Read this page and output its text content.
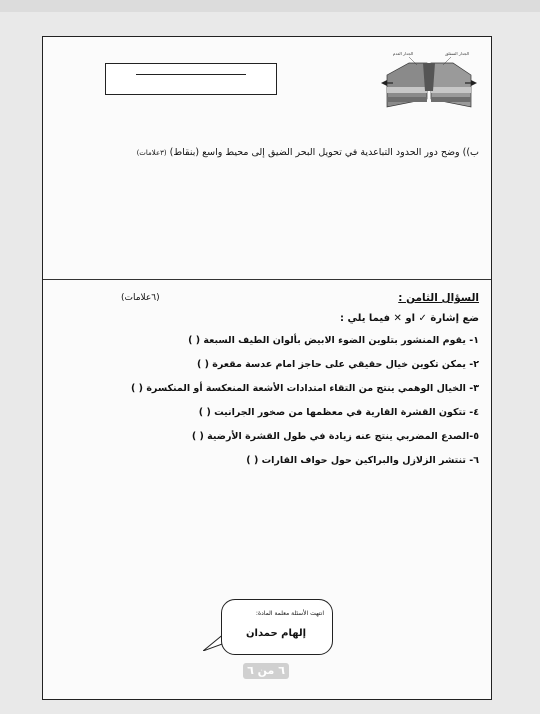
الجدار العدم	الجدار المنفلق
ب)) وضح دور الحدود التباعدية في تحويل البحر الضيق إلى محيط واسع (بنقاط) (٣علامات)
السؤال الثامن :
(٦علامات)
ضع إشارة ✓ او ✕ فيما يلي :
١- يقوم المنشور بتلوين الضوء الابيض بألوان الطيف السبعة ( )
٢- يمكن تكوين خيال حقيقي على حاجز امام عدسة مقعرة ( )
٣- الخيال الوهمي ينتج من التقاء امتدادات الأشعة المنعكسة أو المنكسرة ( )
٤- تتكون القشرة القارية في معظمها من صخور الجرانيت ( )
٥-الصدع المضربي ينتج عنه زيادة في طول القشرة الأرضية ( )
٦- تنتشر الزلازل والبراكين حول حواف القارات ( )
انتهت الأسئلة معلمة المادة:
إلهام حمدان
٦ من ٦
